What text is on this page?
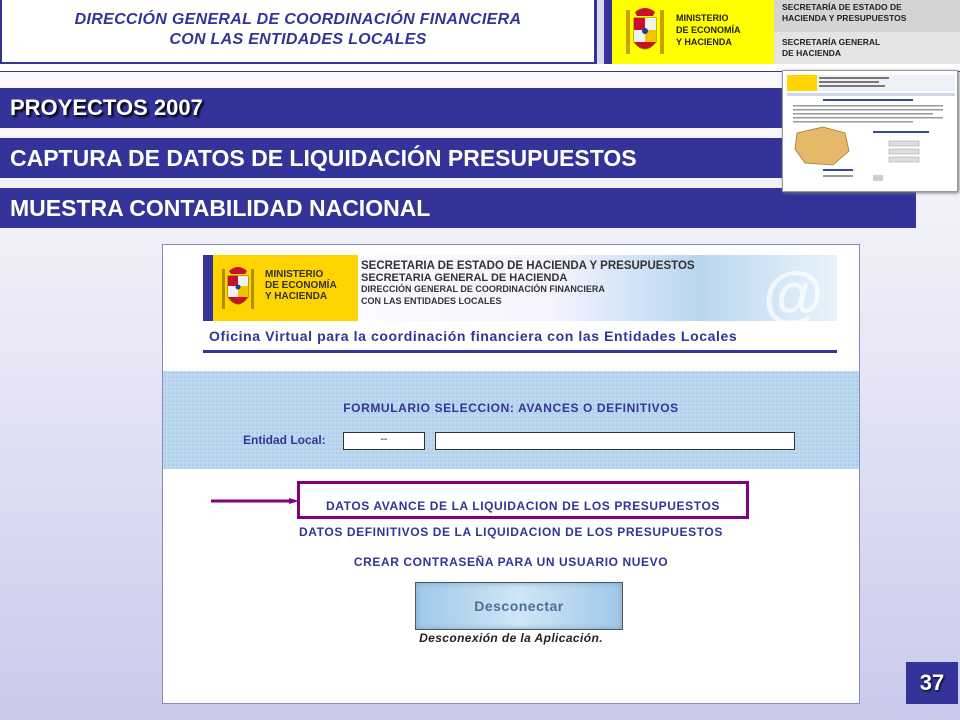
DIRECCIÓN GENERAL DE COORDINACIÓN FINANCIERA
CON LAS ENTIDADES LOCALES
MINISTERIO
DE ECONOMÍA
Y HACIENDA
SECRETARÍA DE ESTADO DE
HACIENDA Y PRESUPUESTOS
SECRETARÍA GENERAL
DE HACIENDA
PROYECTOS 2007
CAPTURA DE DATOS DE LIQUIDACIÓN PRESUPUESTOS
MUESTRA CONTABILIDAD NACIONAL
MINISTERIO
DE ECONOMÍA
Y HACIENDA
SECRETARIA DE ESTADO DE HACIENDA Y PRESUPUESTOS
SECRETARIA GENERAL DE HACIENDA
DIRECCIÓN GENERAL DE COORDINACIÓN FINANCIERA
CON LAS ENTIDADES LOCALES	@
Oficina Virtual para la coordinación financiera con las Entidades Locales
FORMULARIO SELECCION: AVANCES O DEFINITIVOS
Entidad Local:	--
DATOS AVANCE DE LA LIQUIDACION DE LOS PRESUPUESTOS
DATOS DEFINITIVOS DE LA LIQUIDACION DE LOS PRESUPUESTOS
CREAR CONTRASEÑA PARA UN USUARIO NUEVO
Desconectar
Desconexión de la Aplicación.
37
